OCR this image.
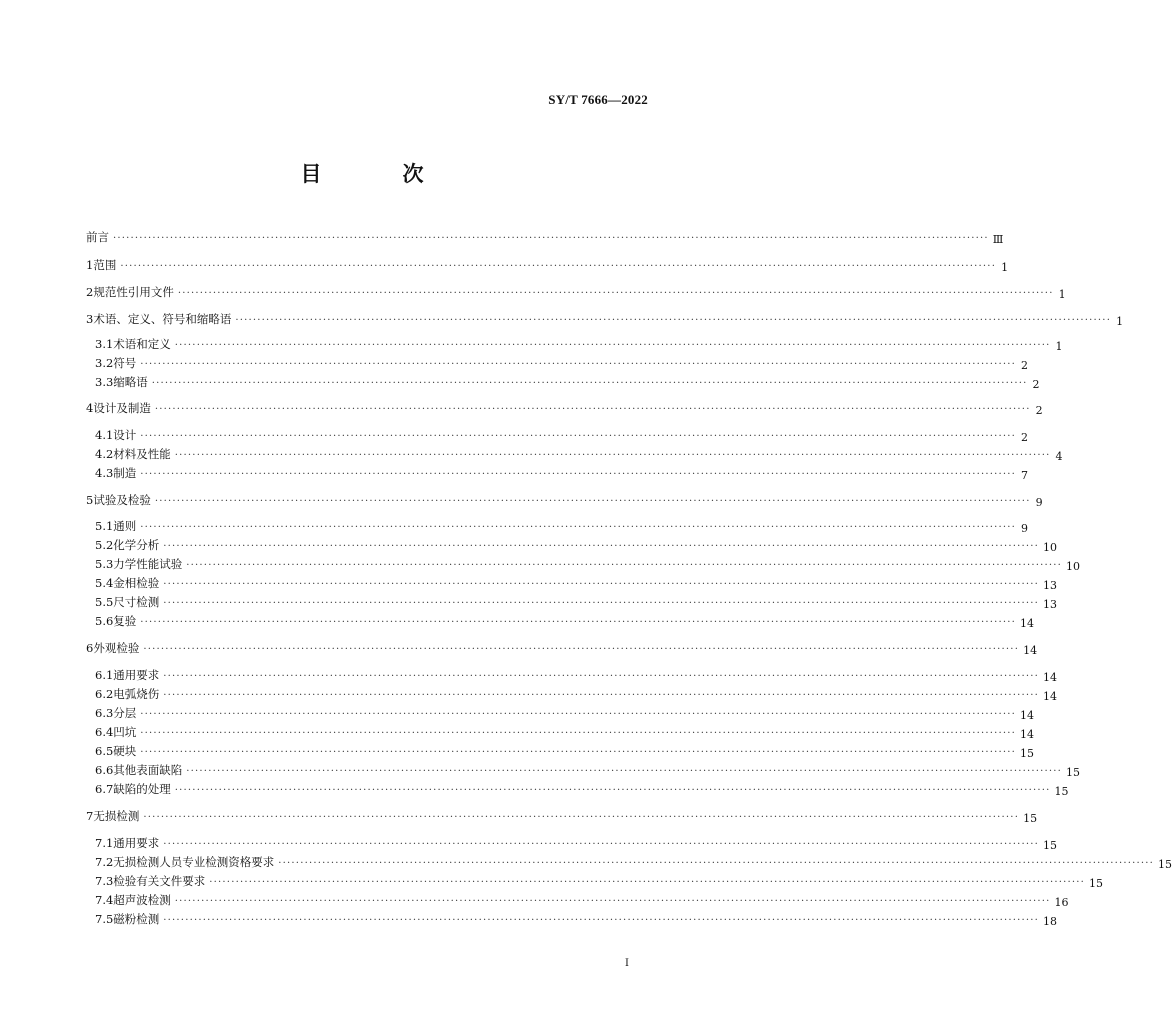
SY/T 7666—2022
目　次
前言 ........................................................................................................................................................................................................ Ⅲ
1 范围 ........................................................................................................................................................................................................ 1
2 规范性引用文件 ........................................................................................................................................................................................................ 1
3 术语、定义、符号和缩略语 ........................................................................................................................................................................................................ 1
3.1 术语和定义 ........................................................................................................................................................................................................ 1
3.2 符号 ........................................................................................................................................................................................................ 2
3.3 缩略语 ........................................................................................................................................................................................................ 2
4 设计及制造 ........................................................................................................................................................................................................ 2
4.1 设计 ........................................................................................................................................................................................................ 2
4.2 材料及性能 ........................................................................................................................................................................................................ 4
4.3 制造 ........................................................................................................................................................................................................ 7
5 试验及检验 ........................................................................................................................................................................................................ 9
5.1 通则 ........................................................................................................................................................................................................ 9
5.2 化学分析 ........................................................................................................................................................................................................ 10
5.3 力学性能试验 ........................................................................................................................................................................................................ 10
5.4 金相检验 ........................................................................................................................................................................................................ 13
5.5 尺寸检测 ........................................................................................................................................................................................................ 13
5.6 复验 ........................................................................................................................................................................................................ 14
6 外观检验 ........................................................................................................................................................................................................ 14
6.1 通用要求 ........................................................................................................................................................................................................ 14
6.2 电弧烧伤 ........................................................................................................................................................................................................ 14
6.3 分层 ........................................................................................................................................................................................................ 14
6.4 凹坑 ........................................................................................................................................................................................................ 14
6.5 硬块 ........................................................................................................................................................................................................ 15
6.6 其他表面缺陷 ........................................................................................................................................................................................................ 15
6.7 缺陷的处理 ........................................................................................................................................................................................................ 15
7 无损检测 ........................................................................................................................................................................................................ 15
7.1 通用要求 ........................................................................................................................................................................................................ 15
7.2 无损检测人员专业检测资格要求 ........................................................................................................................................................................................................ 15
7.3 检验有关文件要求 ........................................................................................................................................................................................................ 15
7.4 超声波检测 ........................................................................................................................................................................................................ 16
7.5 磁粉检测 ........................................................................................................................................................................................................ 18
I
